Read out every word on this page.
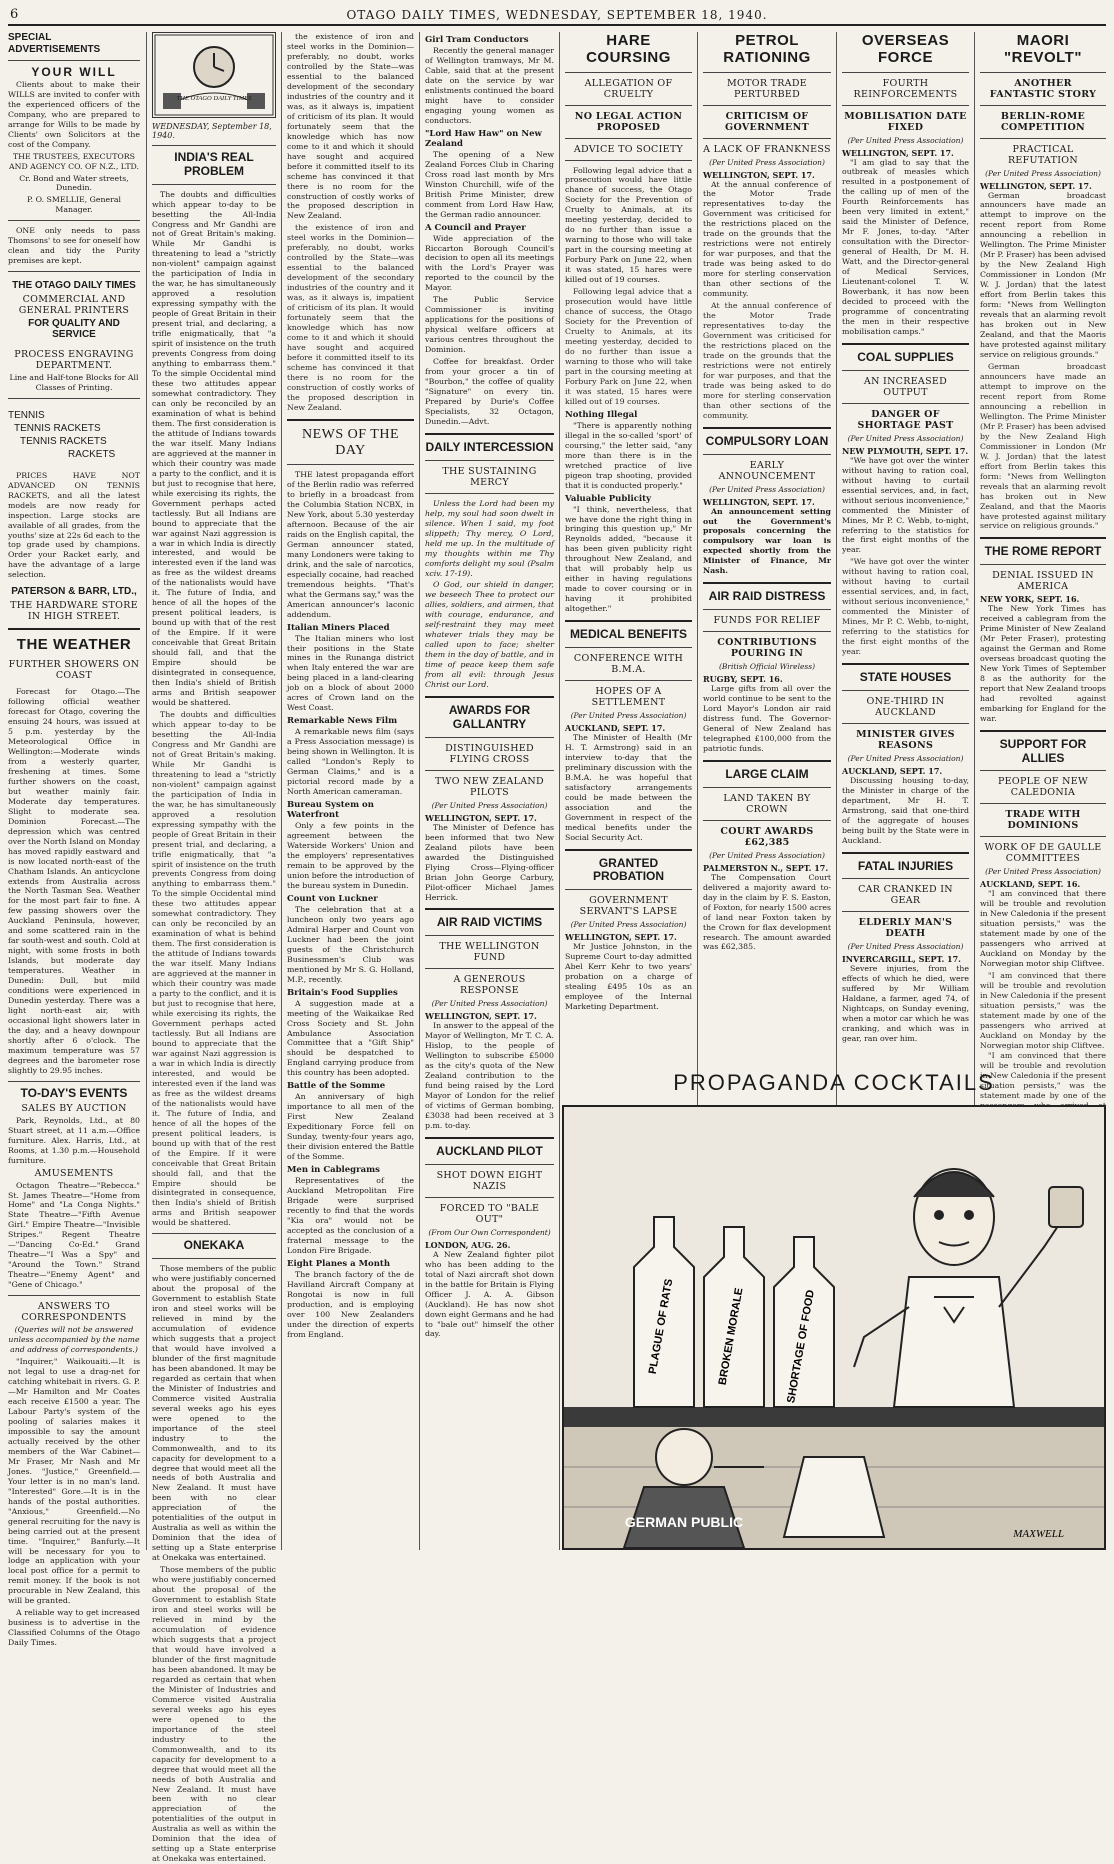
6	OTAGO DAILY TIMES, WEDNESDAY, SEPTEMBER 18, 1940.
SPECIAL ADVERTISEMENTS
YOUR WILL

Clients about to make their WILLS are invited to confer with the experienced officers of the Company, who are prepared to arrange for Wills to be made by Clients' own Solicitors at the cost of the Company.

THE TRUSTEES, EXECUTORS AND AGENCY CO. OF N.Z., LTD.
Cr. Bond and Water streets, Dunedin.
P. O. SMELLIE, General Manager.

ONE only needs to pass Thomsons' to see for oneself how clean and tidy the Purity premises are kept.

THE OTAGO DAILY TIMES
COMMERCIAL AND GENERAL PRINTERS
FOR QUALITY AND SERVICE
PROCESS ENGRAVING DEPARTMENT.
Line and Half-tone Blocks for All Classes of Printing.
TENNIS
TENNIS RACKETS
TENNIS RACKETS
RACKETS

PRICES HAVE NOT ADVANCED ON TENNIS RACKETS, and all the latest models are now ready for inspection. Large stocks are available of all grades, from the youths' size at 22s 6d each to the top grade used by champions. Order your Racket early, and have the advantage of a large selection.

PATERSON & BARR, LTD.,
THE HARDWARE STORE IN HIGH STREET.
THE WEATHER
FURTHER SHOWERS ON COAST

Forecast for Otago.—The following official weather forecast for Otago, covering the ensuing 24 hours, was issued at 5 p.m. yesterday by the Meteorological Office in Wellington:—Moderate winds from a westerly quarter, freshening at times. Some further showers on the coast, but weather mainly fair. Moderate day temperatures. Slight to moderate sea. Dominion Forecast.—The depression which was centred over the North Island on Monday has moved rapidly eastward and is now located north-east of the Chatham Islands. An anticyclone extends from Australia across the North Tasman Sea. Weather for the most part fair to fine. A few passing showers over the Auckland Peninsula, however, and some scattered rain in the far south-west and south. Cold at night, with some frosts in both Islands, but moderate day temperatures. Weather in Dunedin: Dull, but mild conditions were experienced in Dunedin yesterday. There was a light north-east air, with occasional light showers later in the day, and a heavy downpour shortly after 6 o'clock. The maximum temperature was 57 degrees and the barometer rose slightly to 29.95 inches.

TO-DAY'S EVENTS
SALES BY AUCTION

Park, Reynolds, Ltd., at 80 Stuart street, at 11 a.m.—Office furniture. Alex. Harris, Ltd., at Rooms, at 1.30 p.m.—Household furniture.

AMUSEMENTS

Octagon Theatre—"Rebecca." St. James Theatre—"Home from Home" and "La Conga Nights." State Theatre—"Fifth Avenue Girl." Empire Theatre—"Invisible Stripes." Regent Theatre—"Dancing Co-Ed." Grand Theatre—"I Was a Spy" and "Around the Town." Strand Theatre—"Enemy Agent" and "Gene of Chicago."

ANSWERS TO CORRESPONDENTS
(Queries will not be answered unless accompanied by the name and address of correspondents.)

"Inquirer," Waikouaiti.—It is not legal to use a drag-net for catching whitebait in rivers. G. P.—Mr Hamilton and Mr Coates each receive £1500 a year. The Labour Party's system of the pooling of salaries makes it impossible to say the amount actually received by the other members of the War Cabinet—Mr Fraser, Mr Nash and Mr Jones. "Justice," Greenfield.—Your letter is in no man's land. "Interested" Gore.—It is in the hands of the postal authorities. "Anxious," Greenfield.—No general recruiting for the navy is being carried out at the present time. "Inquirer," Banfurly.—It will be necessary for you to lodge an application with your local post office for a permit to remit money. If the book is not procurable in New Zealand, this will be granted.

A reliable way to get increased business is to advertise in the Classified Columns of the Otago Daily Times.

THE OTAGO DAILY TIMES
WEDNESDAY, September 18, 1940.
INDIA'S REAL PROBLEM

The doubts and difficulties which appear to-day to be besetting the All-India Congress and Mr Gandhi are not of Great Britain's making. While Mr Gandhi is threatening to lead a "strictly non-violent" campaign against the participation of India in the war, he has simultaneously approved a resolution expressing sympathy with the people of Great Britain in their present trial, and declaring, a trifle enigmatically, that "a spirit of insistence on the truth prevents Congress from doing anything to embarrass them." To the simple Occidental mind these two attitudes appear somewhat contradictory. They can only be reconciled by an examination of what is behind them. The first consideration is the attitude of Indians towards the war itself. Many Indians are aggrieved at the manner in which their country was made a party to the conflict, and it is but just to recognise that here, while exercising its rights, the Government perhaps acted tactlessly. But all Indians are bound to appreciate that the war against Nazi aggression is a war in which India is directly interested, and would be interested even if the land was as free as the wildest dreams of the nationalists would have it. The future of India, and hence of all the hopes of the present political leaders, is bound up with that of the rest of the Empire. If it were conceivable that Great Britain should fall, and that the Empire should be disintegrated in consequence, then India's shield of British arms and British seapower would be shattered.

The doubts and difficulties which appear to-day to be besetting the All-India Congress and Mr Gandhi are not of Great Britain's making. While Mr Gandhi is threatening to lead a "strictly non-violent" campaign against the participation of India in the war, he has simultaneously approved a resolution expressing sympathy with the people of Great Britain in their present trial, and declaring, a trifle enigmatically, that "a spirit of insistence on the truth prevents Congress from doing anything to embarrass them." To the simple Occidental mind these two attitudes appear somewhat contradictory. They can only be reconciled by an examination of what is behind them. The first consideration is the attitude of Indians towards the war itself. Many Indians are aggrieved at the manner in which their country was made a party to the conflict, and it is but just to recognise that here, while exercising its rights, the Government perhaps acted tactlessly. But all Indians are bound to appreciate that the war against Nazi aggression is a war in which India is directly interested, and would be interested even if the land was as free as the wildest dreams of the nationalists would have it. The future of India, and hence of all the hopes of the present political leaders, is bound up with that of the rest of the Empire. If it were conceivable that Great Britain should fall, and that the Empire should be disintegrated in consequence, then India's shield of British arms and British seapower would be shattered.

ONEKAKA

Those members of the public who were justifiably concerned about the proposal of the Government to establish State iron and steel works will be relieved in mind by the accumulation of evidence which suggests that a project that would have involved a blunder of the first magnitude has been abandoned. It may be regarded as certain that when the Minister of Industries and Commerce visited Australia several weeks ago his eyes were opened to the importance of the steel industry to the Commonwealth, and to its capacity for development to a degree that would meet all the needs of both Australia and New Zealand. It must have been with no clear appreciation of the potentialities of the output in Australia as well as within the Dominion that the idea of setting up a State enterprise at Onekaka was entertained.

Those members of the public who were justifiably concerned about the proposal of the Government to establish State iron and steel works will be relieved in mind by the accumulation of evidence which suggests that a project that would have involved a blunder of the first magnitude has been abandoned. It may be regarded as certain that when the Minister of Industries and Commerce visited Australia several weeks ago his eyes were opened to the importance of the steel industry to the Commonwealth, and to its capacity for development to a degree that would meet all the needs of both Australia and New Zealand. It must have been with no clear appreciation of the potentialities of the output in Australia as well as within the Dominion that the idea of setting up a State enterprise at Onekaka was entertained.

the existence of iron and steel works in the Dominion—preferably, no doubt, works controlled by the State—was essential to the balanced development of the secondary industries of the country and it was, as it always is, impatient of criticism of its plan. It would fortunately seem that the knowledge which has now come to it and which it should have sought and acquired before it committed itself to its scheme has convinced it that there is no room for the construction of costly works of the proposed description in New Zealand.

the existence of iron and steel works in the Dominion—preferably, no doubt, works controlled by the State—was essential to the balanced development of the secondary industries of the country and it was, as it always is, impatient of criticism of its plan. It would fortunately seem that the knowledge which has now come to it and which it should have sought and acquired before it committed itself to its scheme has convinced it that there is no room for the construction of costly works of the proposed description in New Zealand.

NEWS OF THE DAY

THE latest propaganda effort of the Berlin radio was referred to briefly in a broadcast from the Columbia Station NCBX, in New York, about 5.30 yesterday afternoon. Because of the air raids on the English capital, the German announcer stated, many Londoners were taking to drink, and the sale of narcotics, especially cocaine, had reached tremendous heights. "That's what the Germans say," was the American announcer's laconic addendum.

Italian Miners Placed

The Italian miners who lost their positions in the State mines in the Runanga district when Italy entered the war are being placed in a land-clearing job on a block of about 2000 acres of Crown land on the West Coast.

Remarkable News Film

A remarkable news film (says a Press Association message) is being shown in Wellington. It is called "London's Reply to German Claims," and is a pictorial record made by a North American cameraman.

Bureau System on Waterfront

Only a few points in the agreement between the Waterside Workers' Union and the employers' representatives remain to be approved by the union before the introduction of the bureau system in Dunedin.

Count von Luckner

The celebration that at a luncheon only two years ago Admiral Harper and Count von Luckner had been the joint guests of the Christchurch Businessmen's Club was mentioned by Mr S. G. Holland, M.P., recently.

Britain's Food Supplies

A suggestion made at a meeting of the Waikaikae Red Cross Society and St. John Ambulance Association Committee that a "Gift Ship" should be despatched to England carrying produce from this country has been adopted.

Battle of the Somme

An anniversary of high importance to all men of the First New Zealand Expeditionary Force fell on Sunday, twenty-four years ago, their division entered the Battle of the Somme.

Men in Cablegrams

Representatives of the Auckland Metropolitan Fire Brigade were surprised recently to find that the words "Kia ora" would not be accepted as the conclusion of a fraternal message to the London Fire Brigade.

Eight Planes a Month

The branch factory of the de Havilland Aircraft Company at Rongotai is now in full production, and is employing over 100 New Zealanders under the direction of experts from England.

Girl Tram Conductors

Recently the general manager of Wellington tramways, Mr M. Cable, said that at the present date on the service by war enlistments continued the board might have to consider engaging young women as conductors.

"Lord Haw Haw" on New Zealand

The opening of a New Zealand Forces Club in Charing Cross road last month by Mrs Winston Churchill, wife of the British Prime Minister, drew comment from Lord Haw Haw, the German radio announcer.

A Council and Prayer

Wide appreciation of the Riccarton Borough Council's decision to open all its meetings with the Lord's Prayer was reported to the council by the Mayor.

The Public Service Commissioner is inviting applications for the positions of physical welfare officers at various centres throughout the Dominion.

Coffee for breakfast. Order from your grocer a tin of "Bourbon," the coffee of quality "Signature" on every tin. Prepared by Durie's Coffee Specialists, 32 Octagon, Dunedin.—Advt.

DAILY INTERCESSION
THE SUSTAINING MERCY

Unless the Lord had been my help, my soul had soon dwelt in silence. When I said, my foot slippeth; Thy mercy, O Lord, held me up. In the multitude of my thoughts within me Thy comforts delight my soul (Psalm xciv. 17-19).

O God, our shield in danger, we beseech Thee to protect our allies, soldiers, and airmen, that with courage, endurance, and self-restraint they may meet whatever trials they may be called upon to face; shelter them in the day of battle, and in time of peace keep them safe from all evil: through Jesus Christ our Lord.

AWARDS FOR GALLANTRY
DISTINGUISHED FLYING CROSS
TWO NEW ZEALAND PILOTS
(Per United Press Association)
WELLINGTON, SEPT. 17.

The Minister of Defence has been informed that two New Zealand pilots have been awarded the Distinguished Flying Cross—Flying-officer Brian John George Carbury, Pilot-officer Michael James Herrick.

AIR RAID VICTIMS
THE WELLINGTON FUND
A GENEROUS RESPONSE
(Per United Press Association)
WELLINGTON, SEPT. 17.

In answer to the appeal of the Mayor of Wellington, Mr T. C. A. Hislop, to the people of Wellington to subscribe £5000 as the city's quota of the New Zealand contribution to the fund being raised by the Lord Mayor of London for the relief of victims of German bombing, £3038 had been received at 3 p.m. to-day.

AUCKLAND PILOT
SHOT DOWN EIGHT NAZIS
FORCED TO "BALE OUT"
(From Our Own Correspondent)
LONDON, AUG. 26.

A New Zealand fighter pilot who has been adding to the total of Nazi aircraft shot down in the battle for Britain is Flying Officer J. A. A. Gibson (Auckland). He has now shot down eight Germans and he had to "bale out" himself the other day.

HARE COURSING
ALLEGATION OF CRUELTY
NO LEGAL ACTION PROPOSED
ADVICE TO SOCIETY

Following legal advice that a prosecution would have little chance of success, the Otago Society for the Prevention of Cruelty to Animals, at its meeting yesterday, decided to do no further than issue a warning to those who will take part in the coursing meeting at Forbury Park on June 22, when it was stated, 15 hares were killed out of 19 courses.

Following legal advice that a prosecution would have little chance of success, the Otago Society for the Prevention of Cruelty to Animals, at its meeting yesterday, decided to do no further than issue a warning to those who will take part in the coursing meeting at Forbury Park on June 22, when it was stated, 15 hares were killed out of 19 courses.

Nothing Illegal

"There is apparently nothing illegal in the so-called 'sport' of coursing," the letter said, "any more than there is in the wretched practice of live pigeon trap shooting, provided that it is conducted properly."

Valuable Publicity

"I think, nevertheless, that we have done the right thing in bringing this question up," Mr Reynolds added, "because it has been given publicity right throughout New Zealand, and that will probably help us either in having regulations made to cover coursing or in having it prohibited altogether."

MEDICAL BENEFITS
CONFERENCE WITH B.M.A.
HOPES OF A SETTLEMENT
(Per United Press Association)
AUCKLAND, SEPT. 17.

The Minister of Health (Mr H. T. Armstrong) said in an interview to-day that the preliminary discussion with the B.M.A. he was hopeful that satisfactory arrangements could be made between the association and the Government in respect of the medical benefits under the Social Security Act.

GRANTED PROBATION
GOVERNMENT SERVANT'S LAPSE
(Per United Press Association)
WELLINGTON, SEPT. 17.

Mr Justice Johnston, in the Supreme Court to-day admitted Abel Kerr Kehr to two years' probation on a charge of stealing £495 10s as an employee of the Internal Marketing Department.

PETROL RATIONING
MOTOR TRADE PERTURBED
CRITICISM OF GOVERNMENT
A LACK OF FRANKNESS
(Per United Press Association)
WELLINGTON, SEPT. 17.

At the annual conference of the Motor Trade representatives to-day the Government was criticised for the restrictions placed on the trade on the grounds that the restrictions were not entirely for war purposes, and that the trade was being asked to do more for sterling conservation than other sections of the community.

At the annual conference of the Motor Trade representatives to-day the Government was criticised for the restrictions placed on the trade on the grounds that the restrictions were not entirely for war purposes, and that the trade was being asked to do more for sterling conservation than other sections of the community.

COMPULSORY LOAN
EARLY ANNOUNCEMENT
(Per United Press Association)
WELLINGTON, SEPT. 17.

An announcement setting out the Government's proposals concerning the compulsory war loan is expected shortly from the Minister of Finance, Mr Nash.

AIR RAID DISTRESS
FUNDS FOR RELIEF
CONTRIBUTIONS POURING IN
(British Official Wireless)
RUGBY, SEPT. 16.

Large gifts from all over the world continue to be sent to the Lord Mayor's London air raid distress fund. The Governor-General of New Zealand has telegraphed £100,000 from the patriotic funds.

LARGE CLAIM
LAND TAKEN BY CROWN
COURT AWARDS £62,385
(Per United Press Association)
PALMERSTON N., SEPT. 17.

The Compensation Court delivered a majority award to-day in the claim by F. S. Easton, of Foxton, for nearly 1500 acres of land near Foxton taken by the Crown for flax development research. The amount awarded was £62,385.

OVERSEAS FORCE
FOURTH REINFORCEMENTS
MOBILISATION DATE FIXED
(Per United Press Association)
WELLINGTON, SEPT. 17.

"I am glad to say that the outbreak of measles which resulted in a postponement of the calling up of men of the Fourth Reinforcements has been very limited in extent," said the Minister of Defence, Mr F. Jones, to-day. "After consultation with the Director-general of Health, Dr M. H. Watt, and the Director-general of Medical Services, Lieutenant-colonel T. W. Bowerbank, it has now been decided to proceed with the programme of concentrating the men in their respective mobilisation camps."

COAL SUPPLIES
AN INCREASED OUTPUT
DANGER OF SHORTAGE PAST
(Per United Press Association)
NEW PLYMOUTH, SEPT. 17.

"We have got over the winter without having to ration coal, without having to curtail essential services, and, in fact, without serious inconvenience," commented the Minister of Mines, Mr P. C. Webb, to-night, referring to the statistics for the first eight months of the year.

"We have got over the winter without having to ration coal, without having to curtail essential services, and, in fact, without serious inconvenience," commented the Minister of Mines, Mr P. C. Webb, to-night, referring to the statistics for the first eight months of the year.

STATE HOUSES
ONE-THIRD IN AUCKLAND
MINISTER GIVES REASONS
(Per United Press Association)
AUCKLAND, SEPT. 17.

Discussing housing to-day, the Minister in charge of the department, Mr H. T. Armstrong, said that one-third of the aggregate of houses being built by the State were in Auckland.

FATAL INJURIES
CAR CRANKED IN GEAR
ELDERLY MAN'S DEATH
(Per United Press Association)
INVERCARGILL, SEPT. 17.

Severe injuries, from the effects of which he died, were suffered by Mr William Haldane, a farmer, aged 74, of Nightcaps, on Sunday evening, when a motor car which he was cranking, and which was in gear, ran over him.

MAORI "REVOLT"
ANOTHER FANTASTIC STORY
BERLIN-ROME COMPETITION
PRACTICAL REFUTATION
(Per United Press Association)
WELLINGTON, SEPT. 17.

German broadcast announcers have made an attempt to improve on the recent report from Rome announcing a rebellion in Wellington. The Prime Minister (Mr P. Fraser) has been advised by the New Zealand High Commissioner in London (Mr W. J. Jordan) that the latest effort from Berlin takes this form: "News from Wellington reveals that an alarming revolt has broken out in New Zealand, and that the Maoris have protested against military service on religious grounds."

German broadcast announcers have made an attempt to improve on the recent report from Rome announcing a rebellion in Wellington. The Prime Minister (Mr P. Fraser) has been advised by the New Zealand High Commissioner in London (Mr W. J. Jordan) that the latest effort from Berlin takes this form: "News from Wellington reveals that an alarming revolt has broken out in New Zealand, and that the Maoris have protested against military service on religious grounds."

THE ROME REPORT
DENIAL ISSUED IN AMERICA
NEW YORK, SEPT. 16.

The New York Times has received a cablegram from the Prime Minister of New Zealand (Mr Peter Fraser), protesting against the German and Rome overseas broadcast quoting the New York Times of September 8 as the authority for the report that New Zealand troops had revolted against embarking for England for the war.

SUPPORT FOR ALLIES
PEOPLE OF NEW CALEDONIA
TRADE WITH DOMINIONS
WORK OF DE GAULLE COMMITTEES
(Per United Press Association)
AUCKLAND, SEPT. 16.

"I am convinced that there will be trouble and revolution in New Caledonia if the present situation persists," was the statement made by one of the passengers who arrived at Auckland on Monday by the Norwegian motor ship Cliftvee.

"I am convinced that there will be trouble and revolution in New Caledonia if the present situation persists," was the statement made by one of the passengers who arrived at Auckland on Monday by the Norwegian motor ship Cliftvee.

"I am convinced that there will be trouble and revolution in New Caledonia if the present situation persists," was the statement made by one of the

PROPAGANDA COCKTAILS
PLAGUE OF RATS	BROKEN MORALE	SHORTAGE OF FOOD
GERMAN PUBLIC
MAXWELL
